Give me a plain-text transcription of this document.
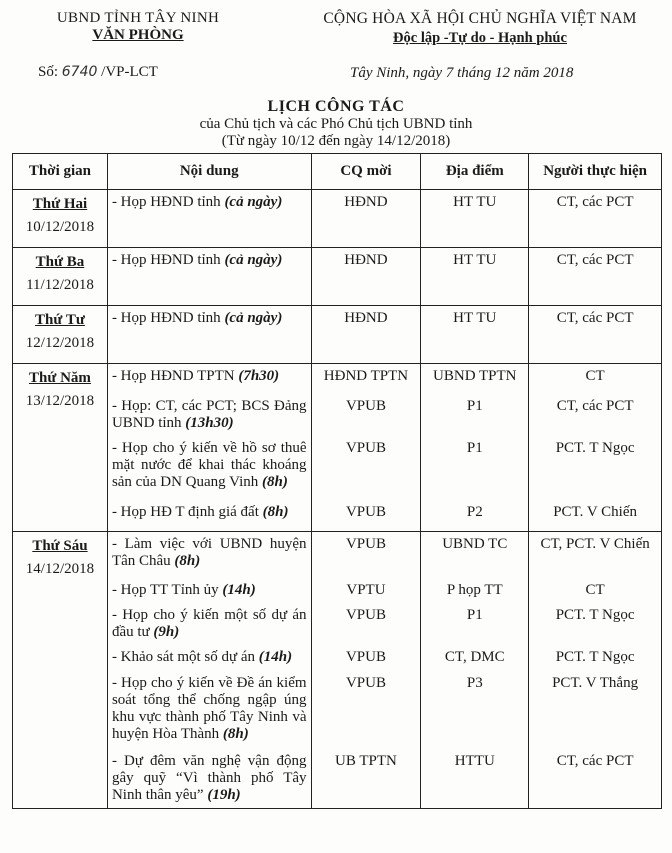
UBND TỈNH TÂY NINH
VĂN PHÒNG
CỘNG HÒA XÃ HỘI CHỦ NGHĨA VIỆT NAM
Độc lập -Tự do - Hạnh phúc
Số: 6740 /VP-LCT	Tây Ninh, ngày 7 tháng 12 năm 2018
LỊCH CÔNG TÁC
của Chủ tịch và các Phó Chủ tịch UBND tỉnh
(Từ ngày 10/12 đến ngày 14/12/2018)
Thời gian	Nội dung	CQ mời	Địa điểm	Người thực hiện

Thứ Hai
10/12/2018	- Họp HĐND tỉnh (cả ngày)	HĐND	HT TU	CT, các PCT

Thứ Ba
11/12/2018	- Họp HĐND tỉnh (cả ngày)	HĐND	HT TU	CT, các PCT

Thứ Tư
12/12/2018	- Họp HĐND tỉnh (cả ngày)	HĐND	HT TU	CT, các PCT

Thứ Năm
13/12/2018	- Họp HĐND TPTN (7h30)	HĐND TPTN	UBND TPTN	CT
	- Họp: CT, các PCT; BCS Đảng UBND tỉnh (13h30)	VPUB	P1	CT, các PCT
	- Họp cho ý kiến về hồ sơ thuê mặt nước để khai thác khoáng sản của DN Quang Vinh (8h)	VPUB	P1	PCT. T Ngọc
	- Họp HĐ T định giá đất (8h)	VPUB	P2	PCT. V Chiến

Thứ Sáu
14/12/2018	- Làm việc với UBND huyện Tân Châu (8h)	VPUB	UBND TC	CT, PCT. V Chiến
	- Họp TT Tỉnh ủy (14h)	VPTU	P họp TT	CT
	- Họp cho ý kiến một số dự án đầu tư (9h)	VPUB	P1	PCT. T Ngọc
	- Khảo sát một số dự án (14h)	VPUB	CT, DMC	PCT. T Ngọc
	- Họp cho ý kiến về Đề án kiểm soát tổng thể chống ngập úng khu vực thành phố Tây Ninh và huyện Hòa Thành (8h)	VPUB	P3	PCT. V Thắng
	- Dự đêm văn nghệ vận động gây quỹ “Vì thành phố Tây Ninh thân yêu” (19h)	UB TPTN	HTTU	CT, các PCT
